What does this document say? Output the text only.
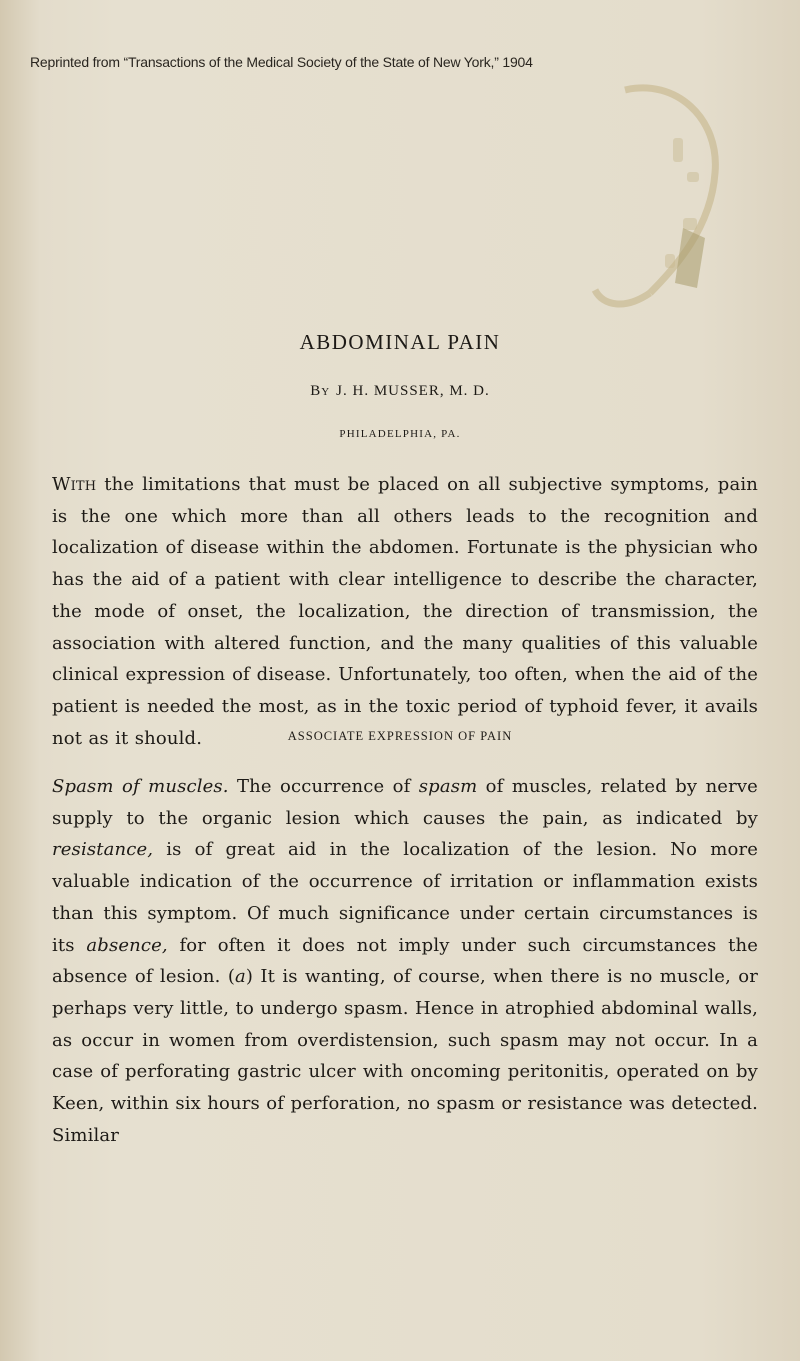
Reprinted from “Transactions of the Medical Society of the State of New York,” 1904
ABDOMINAL PAIN
By J. H. MUSSER, M. D.
PHILADELPHIA, PA.
With the limitations that must be placed on all subjective symptoms, pain is the one which more than all others leads to the recognition and localization of disease within the abdomen. Fortunate is the physician who has the aid of a patient with clear intelligence to describe the character, the mode of onset, the localization, the direction of transmission, the association with altered function, and the many qualities of this valuable clinical expression of disease. Unfortunately, too often, when the aid of the patient is needed the most, as in the toxic period of typhoid fever, it avails not as it should.	ASSOCIATE EXPRESSION OF PAIN
Spasm of muscles. The occurrence of spasm of muscles, related by nerve supply to the organic lesion which causes the pain, as indicated by resistance, is of great aid in the localization of the lesion. No more valuable indication of the occurrence of irritation or inflammation exists than this symptom. Of much significance under certain circumstances is its absence, for often it does not imply under such circumstances the absence of lesion. (a) It is wanting, of course, when there is no muscle, or perhaps very little, to undergo spasm. Hence in atrophied abdominal walls, as occur in women from overdistension, such spasm may not occur. In a case of perforating gastric ulcer with oncoming peritonitis, operated on by Keen, within six hours of perforation, no spasm or resistance was detected. Similar
